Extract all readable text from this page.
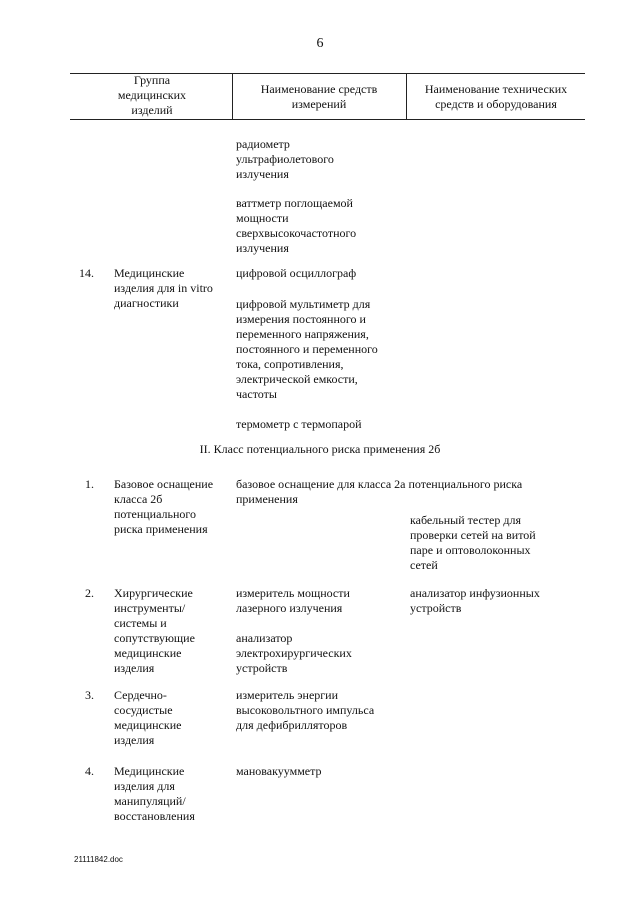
6
Группа
медицинских
изделий
Наименование средств
измерений
Наименование технических
средств и оборудования
радиометр
ультрафиолетового
излучения
ваттметр поглощаемой
мощности
сверхвысокочастотного
излучения
14. Медицинские
изделия для in vitro
диагностики
цифровой осциллограф
цифровой мультиметр для
измерения постоянного и
переменного напряжения,
постоянного и переменного
тока, сопротивления,
электрической емкости,
частоты
термометр с термопарой
II. Класс потенциального риска применения 2б
1. Базовое оснащение
класса 2б
потенциального
риска применения
базовое оснащение для класса 2а потенциального риска
применения
кабельный тестер для
проверки сетей на витой
паре и оптоволоконных
сетей
2. Хирургические
инструменты/
системы и
сопутствующие
медицинские
изделия
измеритель мощности
лазерного излучения
анализатор
электрохирургических
устройств
анализатор инфузионных
устройств
3. Сердечно-
сосудистые
медицинские
изделия
измеритель энергии
высоковольтного импульса
для дефибрилляторов
4. Медицинские
изделия для
манипуляций/
восстановления
мановакуумметр
21111842.doc
